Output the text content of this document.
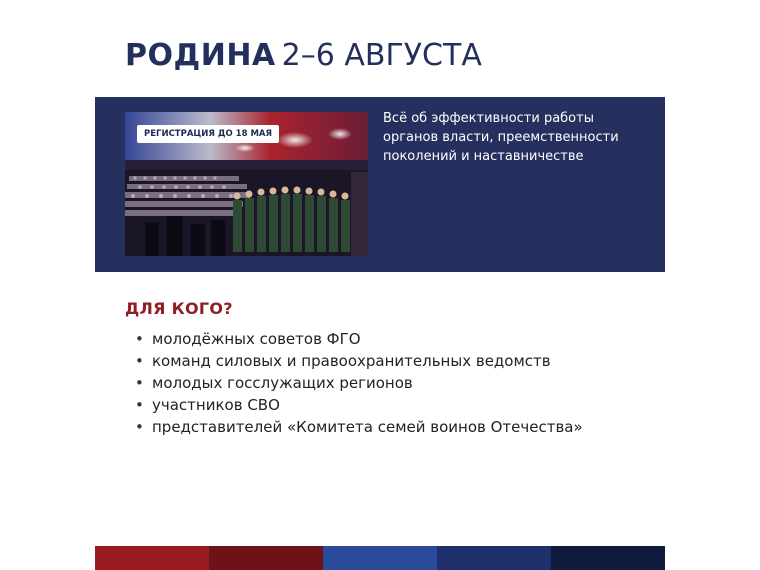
РОДИНА 2–6 АВГУСТА
РЕГИСТРАЦИЯ ДО 18 МАЯ
Всё об эффективности работы органов власти, преемственности поколений и наставничестве
ДЛЯ КОГО?
• молодёжных советов ФГО
• команд силовых и правоохранительных ведомств
• молодых госслужащих регионов
• участников СВО
• представителей «Комитета семей воинов Отечества»
